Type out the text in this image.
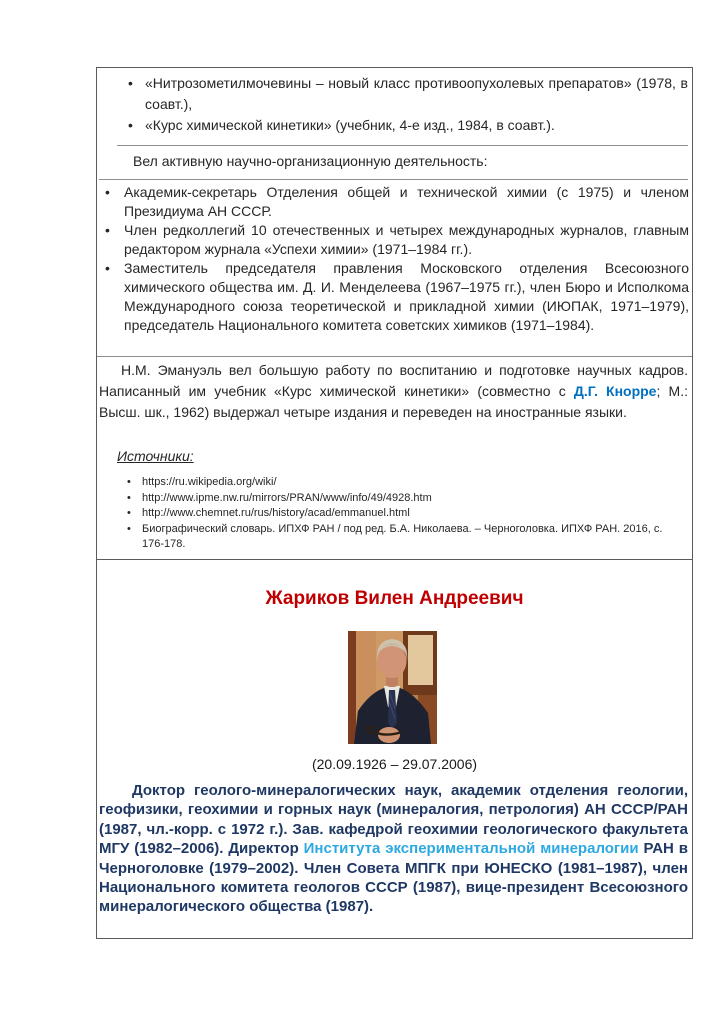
• «Нитрозометилмочевины – новый класс противоопухолевых препаратов» (1978, в соавт.),
• «Курс химической кинетики» (учебник, 4-е изд., 1984, в соавт.).

Вел активную научно-организационную деятельность:

• Академик-секретарь Отделения общей и технической химии (с 1975) и членом Президиума АН СССР.
• Член редколлегий 10 отечественных и четырех международных журналов, главным редактором журнала «Успехи химии» (1971–1984 гг.).
• Заместитель председателя правления Московского отделения Всесоюзного химического общества им. Д. И. Менделеева (1967–1975 гг.), член Бюро и Исполкома Международного союза теоретической и прикладной химии (ИЮПАК, 1971–1979), председатель Национального комитета советских химиков (1971–1984).

Н.М. Эмануэль вел большую работу по воспитанию и подготовке научных кадров. Написанный им учебник «Курс химической кинетики» (совместно с Д.Г. Кнорре; М.: Высш. шк., 1962) выдержал четыре издания и переведен на иностранные языки.

Источники:

• https://ru.wikipedia.org/wiki/
• http://www.ipme.nw.ru/mirrors/PRAN/www/info/49/4928.htm
• http://www.chemnet.ru/rus/history/acad/emmanuel.html
• Биографический словарь. ИПХФ РАН / под ред. Б.А. Николаева. – Черноголовка. ИПХФ РАН. 2016, с. 176-178.
Жариков Вилен Андреевич

(20.09.1926 – 29.07.2006)

Доктор геолого-минералогических наук, академик отделения геологии, геофизики, геохимии и горных наук (минералогия, петрология) АН СССР/РАН (1987, чл.-корр. с 1972 г.). Зав. кафедрой геохимии геологического факультета МГУ (1982–2006). Директор Института экспериментальной минералогии РАН в Черноголовке (1979–2002). Член Совета МПГК при ЮНЕСКО (1981–1987), член Национального комитета геологов СССР (1987), вице-президент Всесоюзного минералогического общества (1987).
